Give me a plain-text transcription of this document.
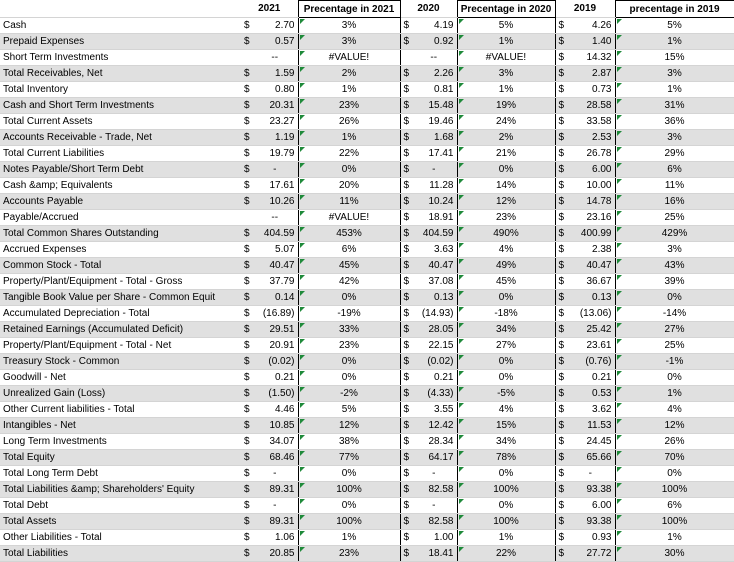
	2021		Precentage in 2021	2020		Precentage in 2020	2019		precentage in 2019
Cash	$	2.70	3%	$	4.19	5%	$	4.26	5%
Prepaid Expenses	$	0.57	3%	$	0.92	1%	$	1.40	1%
Short Term Investments		--	#VALUE!		--	#VALUE!	$	14.32	15%
Total Receivables, Net	$	1.59	2%	$	2.26	3%	$	2.87	3%
Total Inventory	$	0.80	1%	$	0.81	1%	$	0.73	1%
Cash and Short Term Investments	$	20.31	23%	$	15.48	19%	$	28.58	31%
Total Current Assets	$	23.27	26%	$	19.46	24%	$	33.58	36%
Accounts Receivable - Trade, Net	$	1.19	1%	$	1.68	2%	$	2.53	3%
Total Current Liabilities	$	19.79	22%	$	17.41	21%	$	26.78	29%
Notes Payable/Short Term Debt	$	-	0%	$	-	0%	$	6.00	6%
Cash &amp; Equivalents	$	17.61	20%	$	11.28	14%	$	10.00	11%
Accounts Payable	$	10.26	11%	$	10.24	12%	$	14.78	16%
Payable/Accrued		--	#VALUE!	$	18.91	23%	$	23.16	25%
Total Common Shares Outstanding	$	404.59	453%	$	404.59	490%	$	400.99	429%
Accrued Expenses	$	5.07	6%	$	3.63	4%	$	2.38	3%
Common Stock - Total	$	40.47	45%	$	40.47	49%	$	40.47	43%
Property/Plant/Equipment - Total - Gross	$	37.79	42%	$	37.08	45%	$	36.67	39%
Tangible Book Value per Share - Common Equit	$	0.14	0%	$	0.13	0%	$	0.13	0%
Accumulated Depreciation - Total	$	(16.89)	-19%	$	(14.93)	-18%	$	(13.06)	-14%
Retained Earnings (Accumulated Deficit)	$	29.51	33%	$	28.05	34%	$	25.42	27%
Property/Plant/Equipment - Total - Net	$	20.91	23%	$	22.15	27%	$	23.61	25%
Treasury Stock - Common	$	(0.02)	0%	$	(0.02)	0%	$	(0.76)	-1%
Goodwill - Net	$	0.21	0%	$	0.21	0%	$	0.21	0%
Unrealized Gain (Loss)	$	(1.50)	-2%	$	(4.33)	-5%	$	0.53	1%
Other Current liabilities - Total	$	4.46	5%	$	3.55	4%	$	3.62	4%
Intangibles - Net	$	10.85	12%	$	12.42	15%	$	11.53	12%
Long Term Investments	$	34.07	38%	$	28.34	34%	$	24.45	26%
Total Equity	$	68.46	77%	$	64.17	78%	$	65.66	70%
Total Long Term Debt	$	-	0%	$	-	0%	$	-	0%
Total Liabilities &amp; Shareholders' Equity	$	89.31	100%	$	82.58	100%	$	93.38	100%
Total Debt	$	-	0%	$	-	0%	$	6.00	6%
Total Assets	$	89.31	100%	$	82.58	100%	$	93.38	100%
Other Liabilities - Total	$	1.06	1%	$	1.00	1%	$	0.93	1%
Total Liabilities	$	20.85	23%	$	18.41	22%	$	27.72	30%
